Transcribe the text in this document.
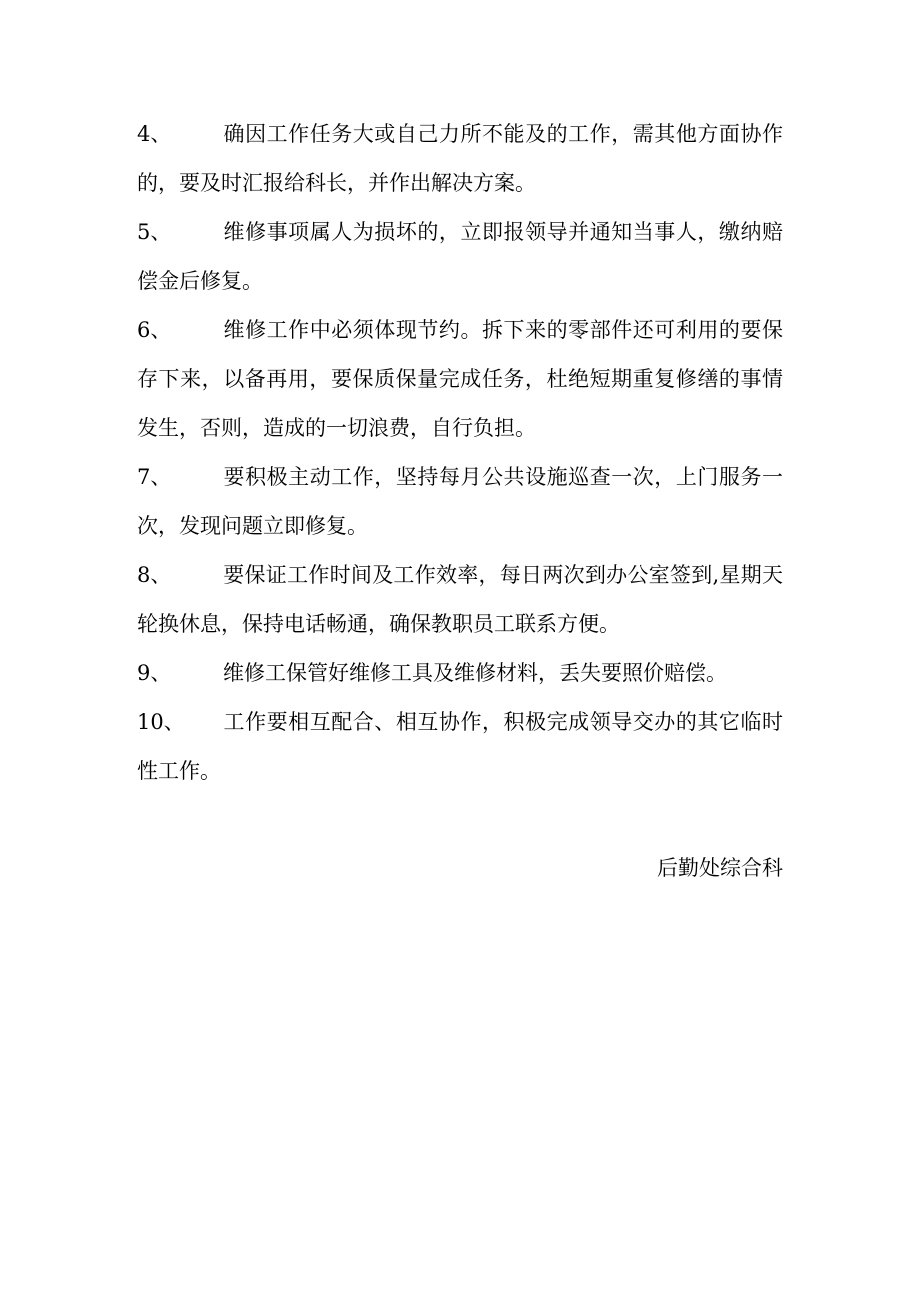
4、 确因工作任务大或自己力所不能及的工作，需其他方面协作的，要及时汇报给科长，并作出解决方案。

5、 维修事项属人为损坏的，立即报领导并通知当事人，缴纳赔偿金后修复。

6、 维修工作中必须体现节约。拆下来的零部件还可利用的要保存下来，以备再用，要保质保量完成任务，杜绝短期重复修缮的事情发生，否则，造成的一切浪费，自行负担。

7、 要积极主动工作，坚持每月公共设施巡查一次，上门服务一次，发现问题立即修复。

8、 要保证工作时间及工作效率，每日两次到办公室签到,星期天轮换休息，保持电话畅通，确保教职员工联系方便。

9、 维修工保管好维修工具及维修材料，丢失要照价赔偿。

10、 工作要相互配合、相互协作，积极完成领导交办的其它临时性工作。

后勤处综合科
